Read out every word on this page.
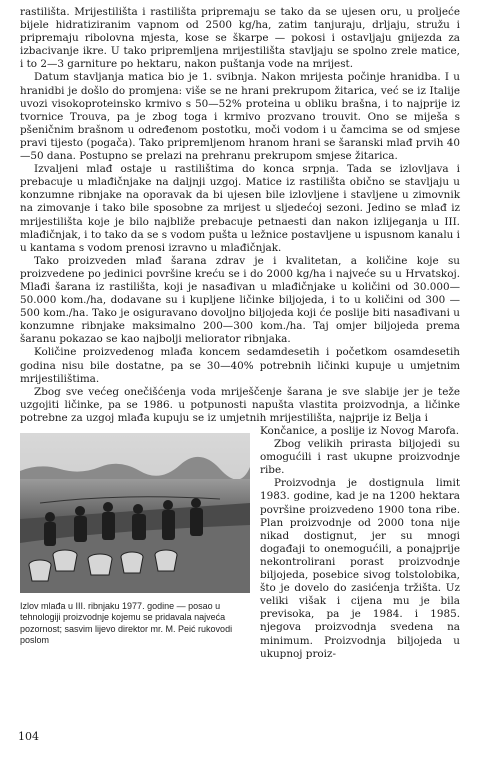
rastilišta. Mrijestilišta i rastilišta pripremaju se tako da se ujesen oru, u proljeće bijele hidratiziranim vapnom od 2500 kg/ha, zatim tanjuraju, drljaju, stružu i pripremaju ribolovna mjesta, kose se škarpe — pokosi i ostavljaju gnijezda za izbacivanje ikre. U tako pripremljena mrijestilišta stavljaju se spolno zrele matice, i to 2—3 garniture po hektaru, nakon puštanja vode na mrijest.

Datum stavljanja matica bio je 1. svibnja. Nakon mrijesta počinje hranidba. I u hranidbi je došlo do promjena: više se ne hrani prekrupom žitarica, već se iz Italije uvozi visokoproteinsko krmivo s 50—52% proteina u obliku brašna, i to najprije iz tvornice Trouva, pa je zbog toga i krmivo prozvano trouvit. Ono se miješa s pšeničnim brašnom u određenom postotku, moči vodom i u čamcima se od smjese pravi tijesto (pogača). Tako pripremljenom hranom hrani se šaranski mlađ prvih 40—50 dana. Postupno se prelazi na prehranu prekrupom smjese žitarica.

Izvaljeni mlađ ostaje u rastilištima do konca srpnja. Tada se izlovljava i prebacuje u mlađičnjake na daljnji uzgoj. Matice iz rastilišta obično se stavljaju u konzumne ribnjake na oporavak da bi ujesen bile izlovljene i stavljene u zimovnik na zimovanje i tako bile sposobne za mrijest u sljedećoj sezoni. Jedino se mlađ iz mrijestilišta koje je bilo najbliže prebacuje petnaesti dan nakon izlijeganja u III. mlađičnjak, i to tako da se s vodom pušta u ležnice postavljene u ispusnom kanalu i u kantama s vodom prenosi izravno u mlađičnjak.

Tako proizveden mlađ šarana zdrav je i kvalitetan, a količine koje su proizvedene po jedinici površine kreću se i do 2000 kg/ha i najveće su u Hrvatskoj. Mlađi šarana iz rastilišta, koji je nasađivan u mlađičnjake u količini od 30.000—50.000 kom./ha, dodavane su i kupljene ličinke biljojeda, i to u količini od 300 — 500 kom./ha. Tako je osiguravano dovoljno biljojeda koji će poslije biti nasađivani u konzumne ribnjake maksimalno 200—300 kom./ha. Taj omjer biljojeda prema šaranu pokazao se kao najbolji meliorator ribnjaka.

Količine proizvedenog mlađa koncem sedamdesetih i početkom osamdesetih godina nisu bile dostatne, pa se 30—40% potrebnih ličinki kupuje u umjetnim mrijestilištima.

Zbog sve većeg onečišćenja voda mriješčenje šarana je sve slabije jer je teže uzgojiti ličinke, pa se 1986. u potpunosti napušta vlastita proizvodnja, a ličinke potrebne za uzgoj mlađa kupuju se iz umjetnih mrijestilišta, najprije iz Belja i

Izlov mlađa u III. ribnjaku 1977. godine — posao u tehnologiji proizvodnje kojemu se pridavala najveća pozornost; sasvim lijevo direktor mr. M. Peić rukovodi poslom

Končanice, a poslije iz Novog Marofa.

Zbog velikih prirasta biljojedi su omogućili i rast ukupne proizvodnje ribe.

Proizvodnja je dostignula limit 1983. godine, kad je na 1200 hektara površine proizvedeno 1900 tona ribe. Plan proizvodnje od 2000 tona nije nikad dostignut, jer su mnogi događaji to onemogućili, a ponajprije nekontrolirani porast proizvodnje biljojeda, posebice sivog tolstolobika, što je dovelo do zasićenja tržišta. Uz veliki višak i cijena mu je bila previsoka, pa je 1984. i 1985. njegova proizvodnja svedena na minimum. Proizvodnja biljojeda u ukupnoj proiz-

104
